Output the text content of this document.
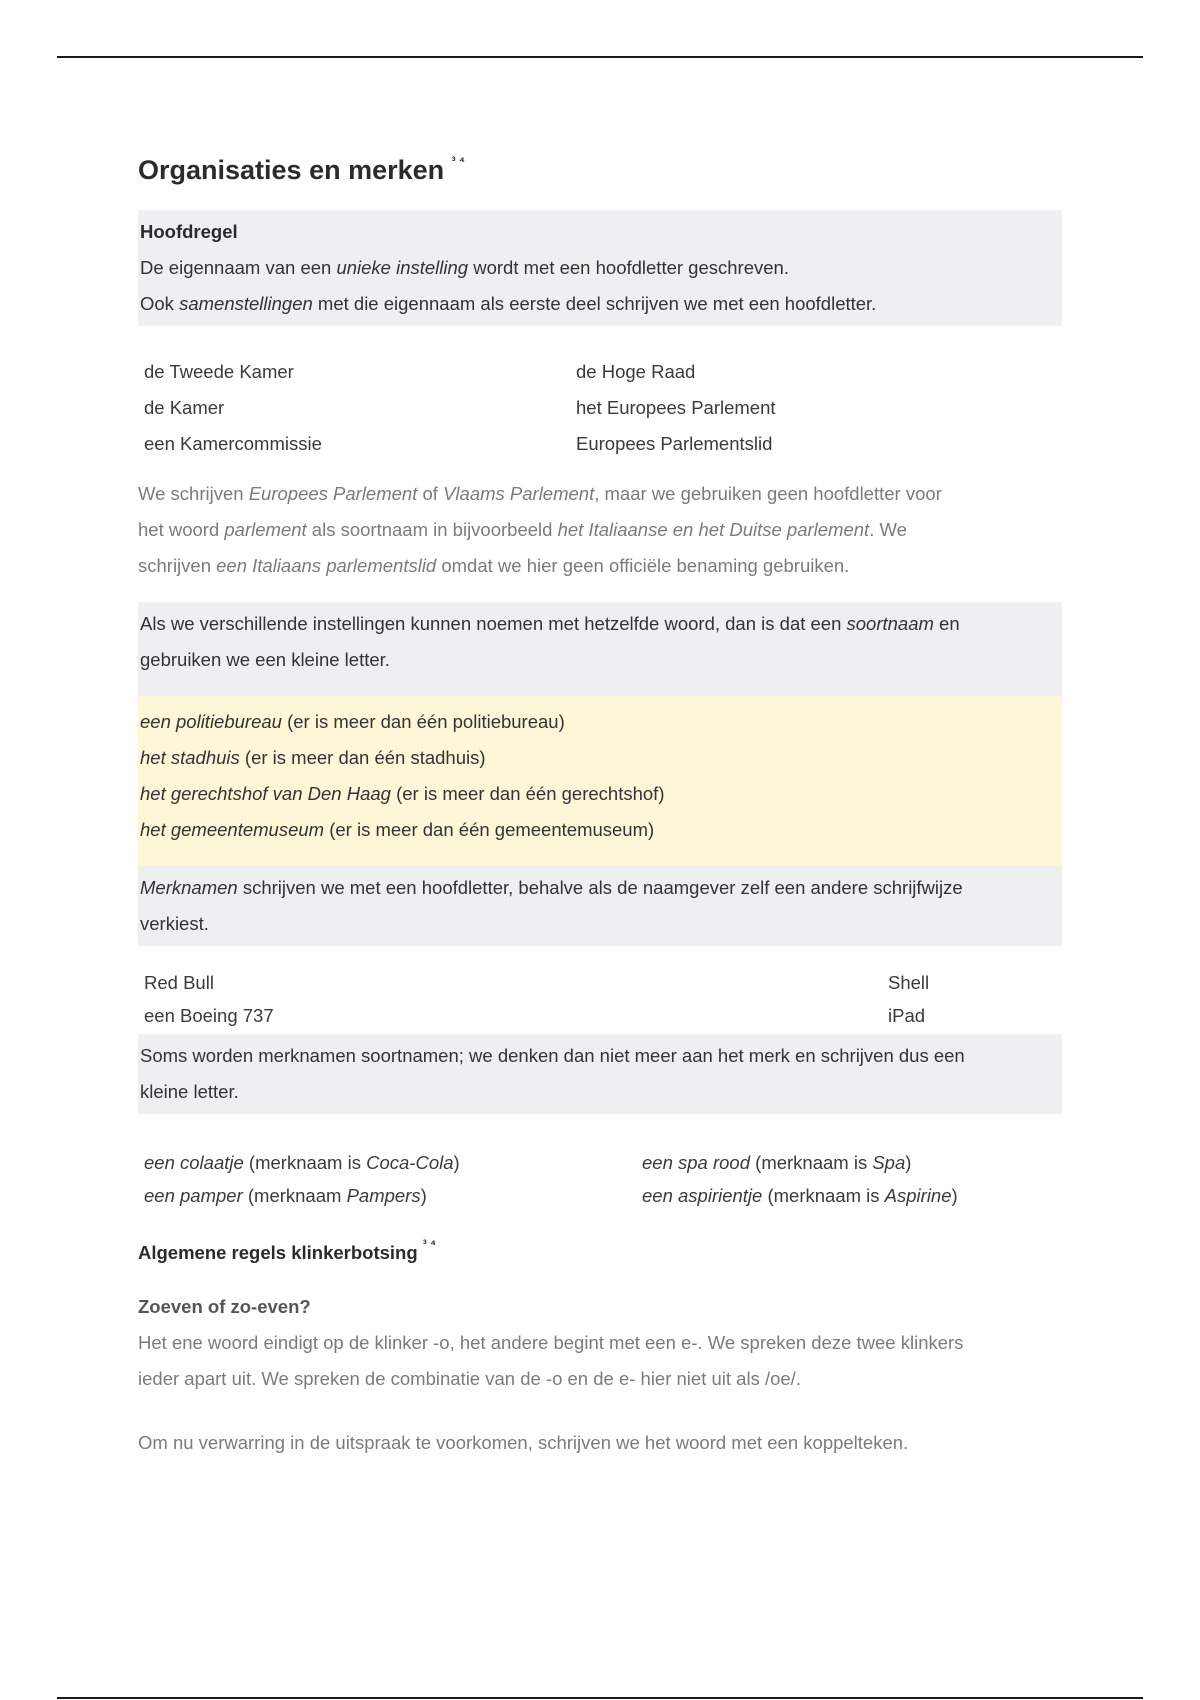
Organisaties en merken $^{^3 ^4}$
Hoofdregel
De eigennaam van een unieke instelling wordt met een hoofdletter geschreven.
Ook samenstellingen met die eigennaam als eerste deel schrijven we met een hoofdletter.
de Tweede Kamer	de Hoge Raad
de Kamer	het Europees Parlement
een Kamercommissie	Europees Parlementslid
We schrijven Europees Parlement of Vlaams Parlement, maar we gebruiken geen hoofdletter voor
het woord parlement als soortnaam in bijvoorbeeld het Italiaanse en het Duitse parlement. We
schrijven een Italiaans parlementslid omdat we hier geen officiële benaming gebruiken.
Als we verschillende instellingen kunnen noemen met hetzelfde woord, dan is dat een soortnaam en
gebruiken we een kleine letter.
een politiebureau (er is meer dan één politiebureau)
het stadhuis (er is meer dan één stadhuis)
het gerechtshof van Den Haag (er is meer dan één gerechtshof)
het gemeentemuseum (er is meer dan één gemeentemuseum)
Merknamen schrijven we met een hoofdletter, behalve als de naamgever zelf een andere schrijfwijze
verkiest.
Red Bull	Shell
een Boeing 737	iPad
Soms worden merknamen soortnamen; we denken dan niet meer aan het merk en schrijven dus een
kleine letter.
een colaatje (merknaam is Coca-Cola)	een spa rood (merknaam is Spa)
een pamper (merknaam Pampers)	een aspirientje (merknaam is Aspirine)
Algemene regels klinkerbotsing $^{^3 ^4}$
Zoeven of zo-even?
Het ene woord eindigt op de klinker -o, het andere begint met een e-. We spreken deze twee klinkers
ieder apart uit. We spreken de combinatie van de -o en de e- hier niet uit als /oe/.
Om nu verwarring in de uitspraak te voorkomen, schrijven we het woord met een koppelteken.
